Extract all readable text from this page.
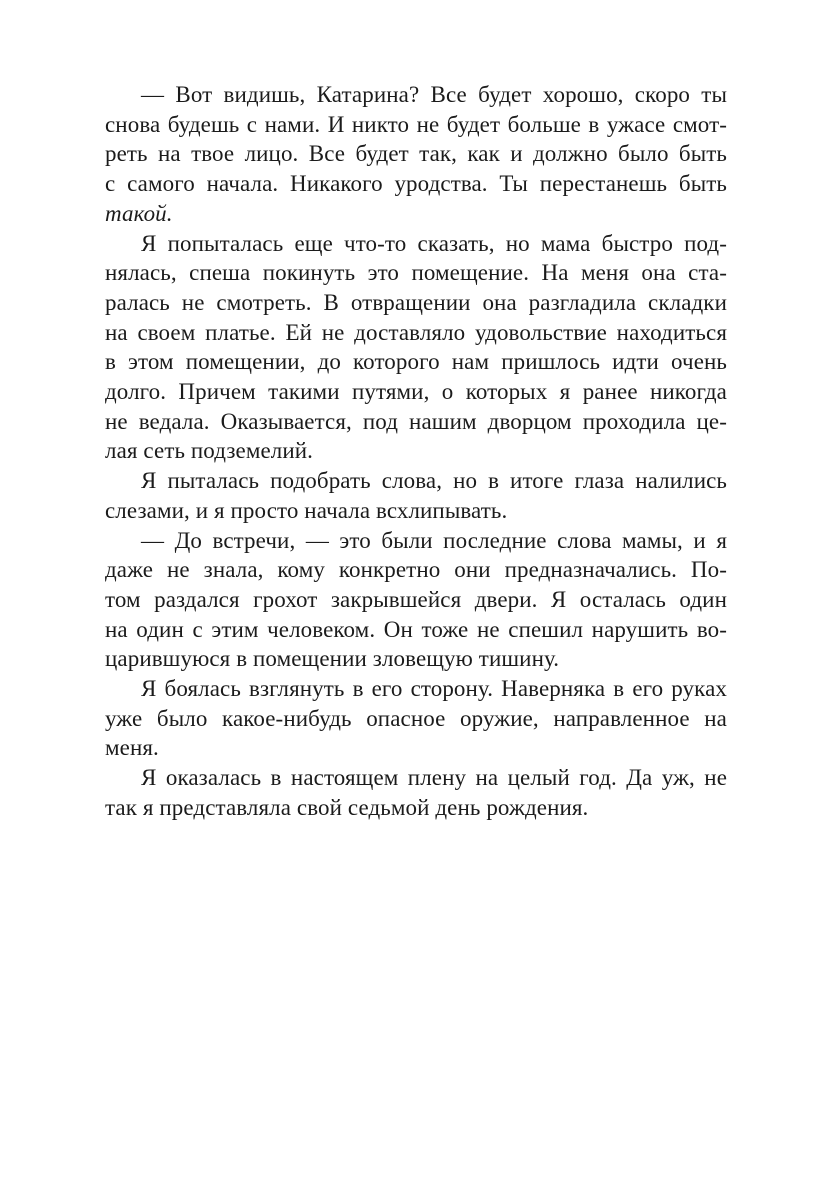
— Вот видишь, Катарина? Все будет хорошо, скоро ты
снова будешь с нами. И никто не будет больше в ужасе смот-
реть на твое лицо. Все будет так, как и должно было быть
с самого начала. Никакого уродства. Ты перестанешь быть
такой.
Я попыталась еще что-то сказать, но мама быстро под-
нялась, спеша покинуть это помещение. На меня она ста-
ралась не смотреть. В отвращении она разгладила складки
на своем платье. Ей не доставляло удовольствие находиться
в этом помещении, до которого нам пришлось идти очень
долго. Причем такими путями, о которых я ранее никогда
не ведала. Оказывается, под нашим дворцом проходила це-
лая сеть подземелий.
Я пыталась подобрать слова, но в итоге глаза налились
слезами, и я просто начала всхлипывать.
— До встречи, — это были последние слова мамы, и я
даже не знала, кому конкретно они предназначались. По-
том раздался грохот закрывшейся двери. Я осталась один
на один с этим человеком. Он тоже не спешил нарушить во-
царившуюся в помещении зловещую тишину.
Я боялась взглянуть в его сторону. Наверняка в его руках
уже было какое-нибудь опасное оружие, направленное на
меня.
Я оказалась в настоящем плену на целый год. Да уж, не
так я представляла свой седьмой день рождения.
